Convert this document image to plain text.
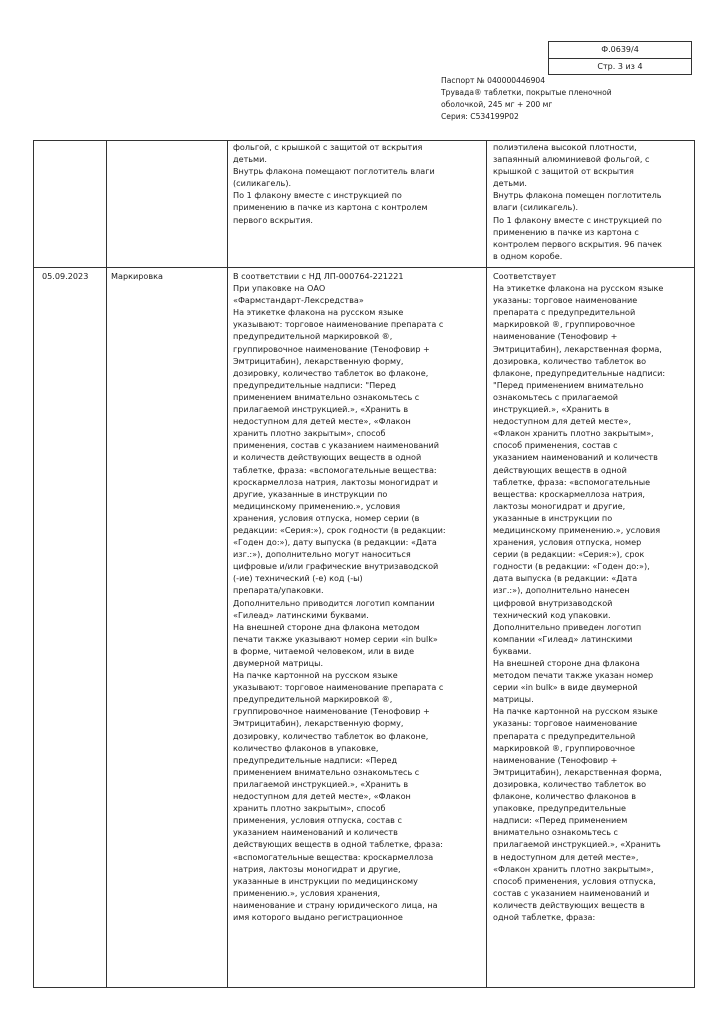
Ф.0639/4
Стр. 3 из 4
Паспорт № 040000446904
Трувада® таблетки, покрытые пленочной
оболочкой, 245 мг + 200 мг
Серия: С534199Р02
фольгой, с крышкой с защитой от вскрытия
детьми.
Внутрь флакона помещают поглотитель влаги
(силикагель).
По 1 флакону вместе с инструкцией по
применению в пачке из картона с контролем
первого вскрытия.
полиэтилена высокой плотности,
запаянный алюминиевой фольгой, с
крышкой с защитой от вскрытия
детьми.
Внутрь флакона помещен поглотитель
влаги (силикагель).
По 1 флакону вместе с инструкцией по
применению в пачке из картона с
контролем первого вскрытия. 96 пачек
в одном коробе.
05.09.2023	Маркировка	В соответствии с НД ЛП-000764-221221
При упаковке на ОАО
«Фармстандарт-Лексредства»
На этикетке флакона на русском языке
указывают: торговое наименование препарата с
предупредительной маркировкой ®,
группировочное наименование (Тенофовир +
Эмтрицитабин), лекарственную форму,
дозировку, количество таблеток во флаконе,
предупредительные надписи: "Перед
применением внимательно ознакомьтесь с
прилагаемой инструкцией.», «Хранить в
недоступном для детей месте», «Флакон
хранить плотно закрытым», способ
применения, состав с указанием наименований
и количеств действующих веществ в одной
таблетке, фраза: «вспомогательные вещества:
кроскармеллоза натрия, лактозы моногидрат и
другие, указанные в инструкции по
медицинскому применению.», условия
хранения, условия отпуска, номер серии (в
редакции: «Серия:»), срок годности (в редакции:
«Годен до:»), дату выпуска (в редакции: «Дата
изг.:»), дополнительно могут наноситься
цифровые и/или графические внутризаводской
(-ие) технический (-е) код (-ы)
препарата/упаковки.
Дополнительно приводится логотип компании
«Гилеад» латинскими буквами.
На внешней стороне дна флакона методом
печати также указывают номер серии «in bulk»
в форме, читаемой человеком, или в виде
двумерной матрицы.
На пачке картонной на русском языке
указывают: торговое наименование препарата с
предупредительной маркировкой ®,
группировочное наименование (Тенофовир +
Эмтрицитабин), лекарственную форму,
дозировку, количество таблеток во флаконе,
количество флаконов в упаковке,
предупредительные надписи: «Перед
применением внимательно ознакомьтесь с
прилагаемой инструкцией.», «Хранить в
недоступном для детей месте», «Флакон
хранить плотно закрытым», способ
применения, условия отпуска, состав с
указанием наименований и количеств
действующих веществ в одной таблетке, фраза:
«вспомогательные вещества: кроскармеллоза
натрия, лактозы моногидрат и другие,
указанные в инструкции по медицинскому
применению.», условия хранения,
наименование и страну юридического лица, на
имя которого выдано регистрационное
Соответствует
На этикетке флакона на русском языке
указаны: торговое наименование
препарата с предупредительной
маркировкой ®, группировочное
наименование (Тенофовир +
Эмтрицитабин), лекарственная форма,
дозировка, количество таблеток во
флаконе, предупредительные надписи:
"Перед применением внимательно
ознакомьтесь с прилагаемой
инструкцией.», «Хранить в
недоступном для детей месте»,
«Флакон хранить плотно закрытым»,
способ применения, состав с
указанием наименований и количеств
действующих веществ в одной
таблетке, фраза: «вспомогательные
вещества: кроскармеллоза натрия,
лактозы моногидрат и другие,
указанные в инструкции по
медицинскому применению.», условия
хранения, условия отпуска, номер
серии (в редакции: «Серия:»), срок
годности (в редакции: «Годен до:»),
дата выпуска (в редакции: «Дата
изг.:»), дополнительно нанесен
цифровой внутризаводской
технический код упаковки.
Дополнительно приведен логотип
компании «Гилеад» латинскими
буквами.
На внешней стороне дна флакона
методом печати также указан номер
серии «in bulk» в виде двумерной
матрицы.
На пачке картонной на русском языке
указаны: торговое наименование
препарата с предупредительной
маркировкой ®, группировочное
наименование (Тенофовир +
Эмтрицитабин), лекарственная форма,
дозировка, количество таблеток во
флаконе, количество флаконов в
упаковке, предупредительные
надписи: «Перед применением
внимательно ознакомьтесь с
прилагаемой инструкцией.», «Хранить
в недоступном для детей месте»,
«Флакон хранить плотно закрытым»,
способ применения, условия отпуска,
состав с указанием наименований и
количеств действующих веществ в
одной таблетке, фраза:
